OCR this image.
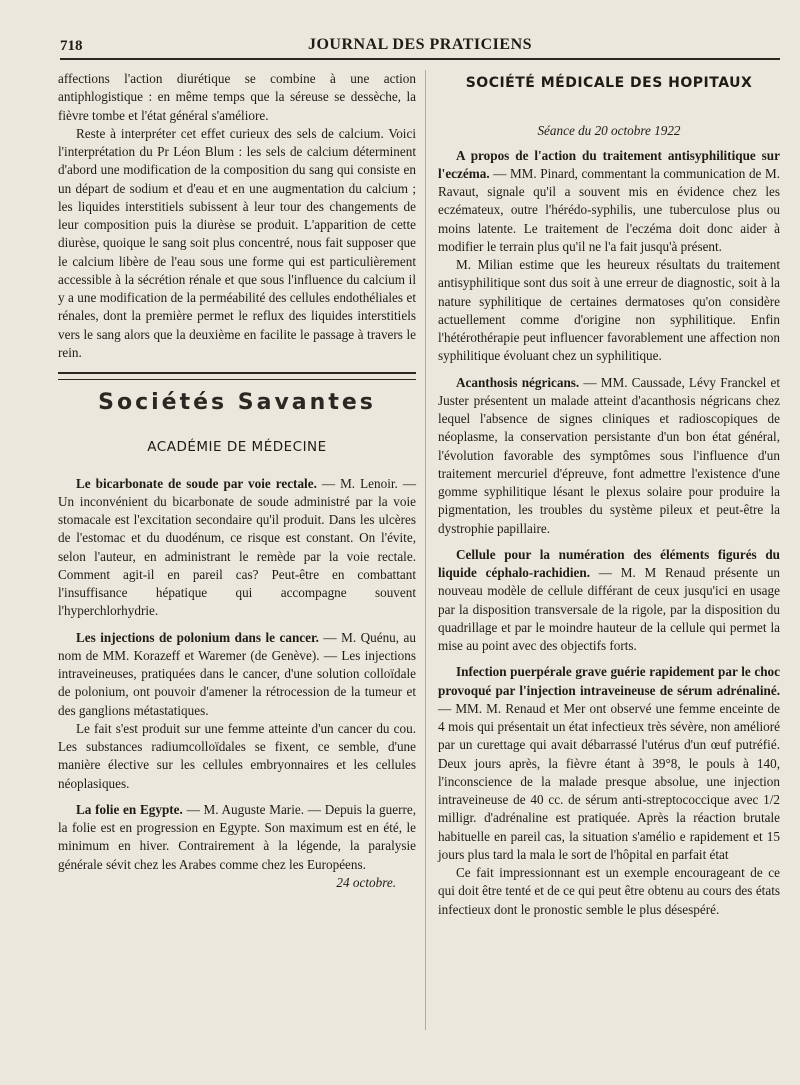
718	JOURNAL DES PRATICIENS

affections l'action diurétique se combine à une action antiphlogistique : en même temps que la séreuse se dessèche, la fièvre tombe et l'état général s'améliore.

Reste à interpréter cet effet curieux des sels de calcium. Voici l'interprétation du Pr Léon Blum : les sels de calcium déterminent d'abord une modification de la composition du sang qui consiste en un départ de sodium et d'eau et en une augmentation du calcium ; les liquides interstitiels subissent à leur tour des changements de leur composition puis la diurèse se produit. L'apparition de cette diurèse, quoique le sang soit plus concentré, nous fait supposer que le calcium libère de l'eau sous une forme qui est particulièrement accessible à la sécrétion rénale et que sous l'influence du calcium il y a une modification de la perméabilité des cellules endothéliales et rénales, dont la première permet le reflux des liquides interstitiels vers le sang alors que la deuxième en facilite le passage à travers le rein.

Sociétés Savantes
ACADÉMIE DE MÉDECINE

Le bicarbonate de soude par voie rectale. — M. Lenoir. — Un inconvénient du bicarbonate de soude administré par la voie stomacale est l'excitation secondaire qu'il produit. Dans les ulcères de l'estomac et du duodénum, ce risque est constant. On l'évite, selon l'auteur, en administrant le remède par la voie rectale. Comment agit-il en pareil cas? Peut-être en combattant l'insuffisance hépatique qui accompagne souvent l'hyperchlorhydrie.

Les injections de polonium dans le cancer. — M. Quénu, au nom de MM. Korazeff et Waremer (de Genève). — Les injections intraveineuses, pratiquées dans le cancer, d'une solution colloïdale de polonium, ont pouvoir d'amener la rétrocession de la tumeur et des ganglions métastatiques.

Le fait s'est produit sur une femme atteinte d'un cancer du cou. Les substances radiumcolloïdales se fixent, ce semble, d'une manière élective sur les cellules embryonnaires et les cellules néoplasiques.

La folie en Egypte. — M. Auguste Marie. — Depuis la guerre, la folie est en progression en Egypte. Son maximum est en été, le minimum en hiver. Contrairement à la légende, la paralysie générale sévit chez les Arabes comme chez les Européens.

24 octobre.

SOCIÉTÉ MÉDICALE DES HOPITAUX

Séance du 20 octobre 1922

A propos de l'action du traitement antisyphilitique sur l'eczéma. — MM. Pinard, commentant la communication de M. Ravaut, signale qu'il a souvent mis en évidence chez les eczémateux, outre l'hérédo-syphilis, une tuberculose plus ou moins latente. Le traitement de l'eczéma doit donc aider à modifier le terrain plus qu'il ne l'a fait jusqu'à présent.

M. Milian estime que les heureux résultats du traitement antisyphilitique sont dus soit à une erreur de diagnostic, soit à la nature syphilitique de certaines dermatoses qu'on considère actuellement comme d'origine non syphilitique. Enfin l'hétérothérapie peut influencer favorablement une affection non syphilitique évoluant chez un syphilitique.

Acanthosis négricans. — MM. Caussade, Lévy Franckel et Juster présentent un malade atteint d'acanthosis négricans chez lequel l'absence de signes cliniques et radioscopiques de néoplasme, la conservation persistante d'un bon état général, l'évolution favorable des symptômes sous l'influence d'un traitement mercuriel d'épreuve, font admettre l'existence d'une gomme syphilitique lésant le plexus solaire pour produire la pigmentation, les troubles du système pileux et peut-être la dystrophie papillaire.

Cellule pour la numération des éléments figurés du liquide céphalo-rachidien. — M. M Renaud présente un nouveau modèle de cellule différant de ceux jusqu'ici en usage par la disposition transversale de la rigole, par la disposition du quadrillage et par le moindre hauteur de la cellule qui permet la mise au point avec des objectifs forts.

Infection puerpérale grave guérie rapidement par le choc provoqué par l'injection intraveineuse de sérum adrénaliné. — MM. M. Renaud et Mer ont observé une femme enceinte de 4 mois qui présentait un état infectieux très sévère, non amélioré par un curettage qui avait débarrassé l'utérus d'un œuf putréfié. Deux jours après, la fièvre étant à 39°8, le pouls à 140, l'inconscience de la malade presque absolue, une injection intraveineuse de 40 cc. de sérum anti-streptococcique avec 1/2 milligr. d'adrénaline est pratiquée. Après la réaction brutale habituelle en pareil cas, la situation s'amélio e rapidement et 15 jours plus tard la mala le sort de l'hôpital en parfait état

Ce fait impressionnant est un exemple encourageant de ce qui doit être tenté et de ce qui peut être obtenu au cours des états infectieux dont le pronostic semble le plus désespéré.
